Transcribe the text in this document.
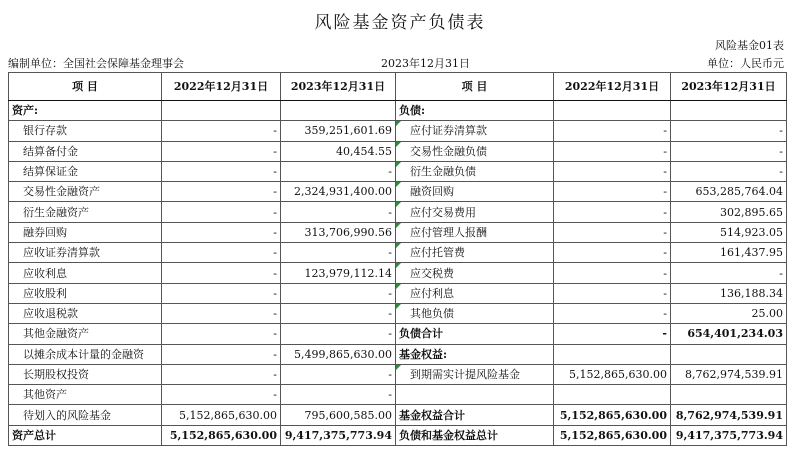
风险基金资产负债表
风险基金01表
编制单位：全国社会保障基金理事会	2023年12月31日	单位：人民币元
项 目	2022年12月31日	2023年12月31日	项 目	2022年12月31日	2023年12月31日
资产:			负债:		
银行存款	-	359,251,601.69	应付证券清算款	-	-
结算备付金	-	40,454.55	交易性金融负债	-	-
结算保证金	-	-	衍生金融负债	-	-
交易性金融资产	-	2,324,931,400.00	融资回购	-	653,285,764.04
衍生金融资产	-	-	应付交易费用	-	302,895.65
融券回购	-	313,706,990.56	应付管理人报酬	-	514,923.05
应收证券清算款	-	-	应付托管费	-	161,437.95
应收利息	-	123,979,112.14	应交税费	-	-
应收股利	-	-	应付利息	-	136,188.34
应收退税款	-	-	其他负债	-	25.00
其他金融资产	-	-	负债合计	-	654,401,234.03
以摊余成本计量的金融资	-	5,499,865,630.00	基金权益:		
长期股权投资	-	-	到期需实计提风险基金	5,152,865,630.00	8,762,974,539.91
其他资产	-	-			
待划入的风险基金	5,152,865,630.00	795,600,585.00	基金权益合计	5,152,865,630.00	8,762,974,539.91
资产总计	5,152,865,630.00	9,417,375,773.94	负债和基金权益总计	5,152,865,630.00	9,417,375,773.94
